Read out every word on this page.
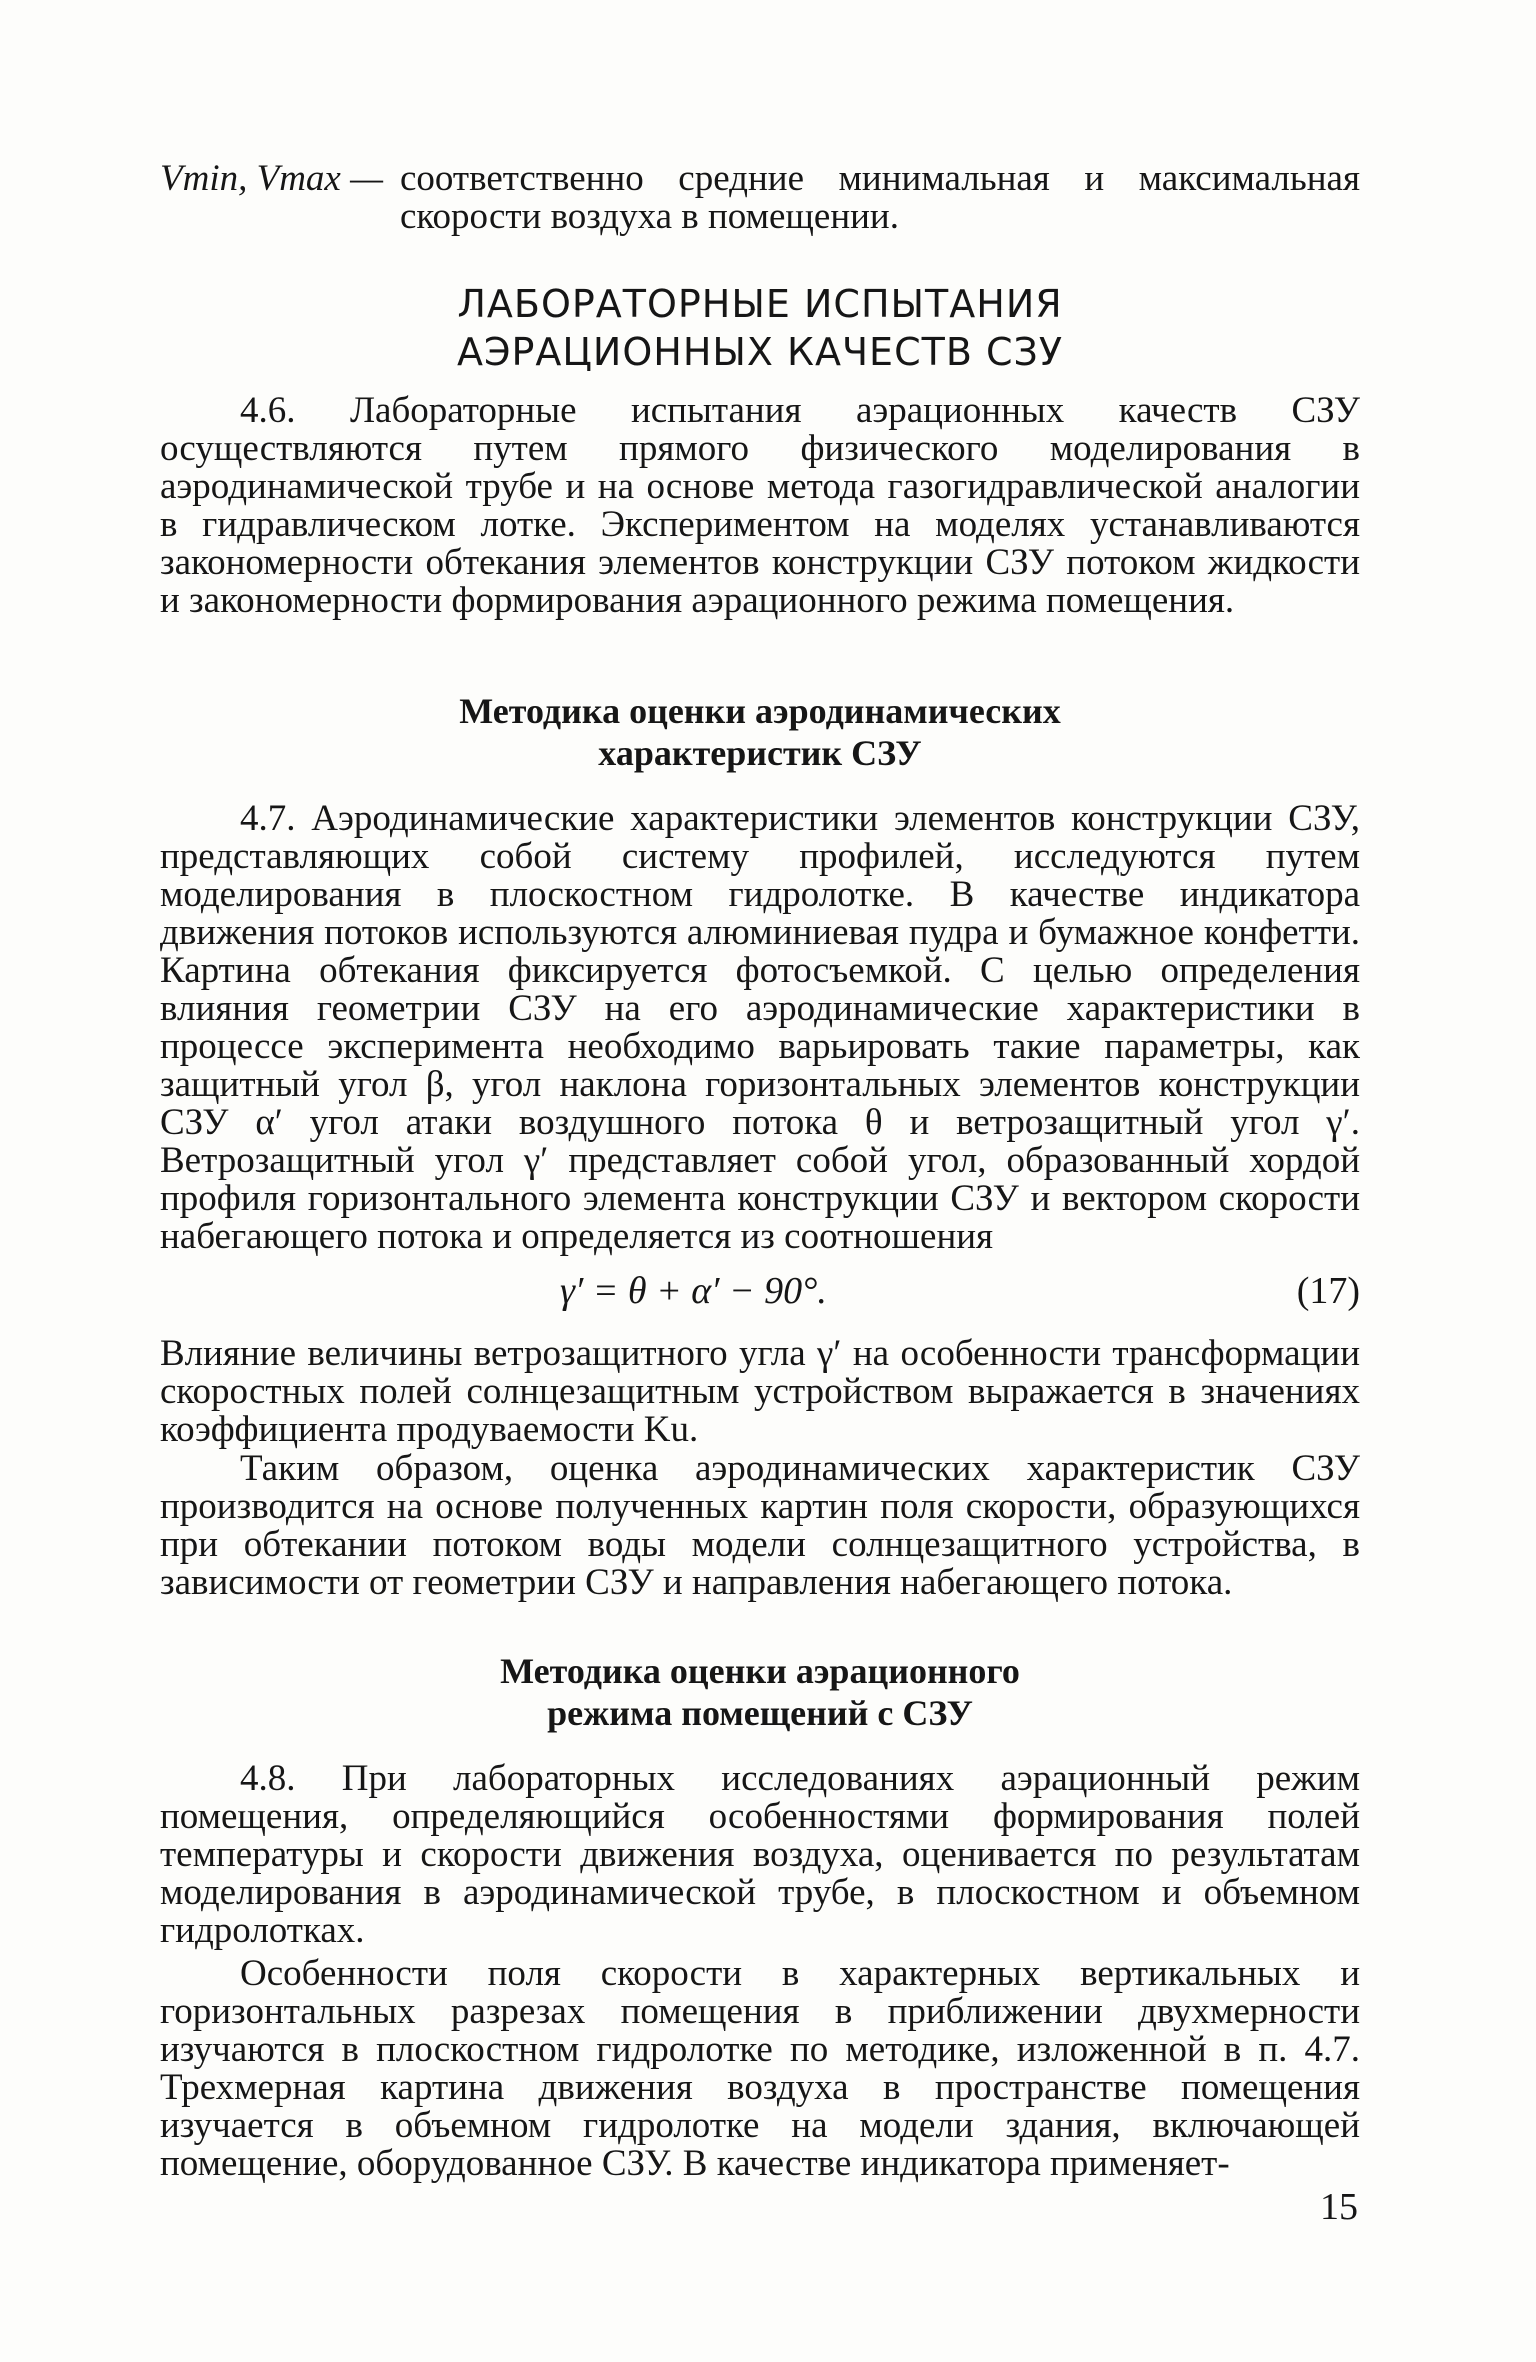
Vmin, Vmax — соответственно средние минимальная и максимальная скорости воздуха в помещении.
ЛАБОРАТОРНЫЕ ИСПЫТАНИЯ
АЭРАЦИОННЫХ КАЧЕСТВ СЗУ

4.6. Лабораторные испытания аэрационных качеств СЗУ осуществляются путем прямого физического моделирования в аэродинамической трубе и на основе метода газогидравлической аналогии в гидравлическом лотке. Экспериментом на моделях устанавливаются закономерности обтекания элементов конструкции СЗУ потоком жидкости и закономерности формирования аэрационного режима помещения.

Методика оценки аэродинамических
характеристик СЗУ

4.7. Аэродинамические характеристики элементов конструкции СЗУ, представляющих собой систему профилей, исследуются путем моделирования в плоскостном гидролотке. В качестве индикатора движения потоков используются алюминиевая пудра и бумажное конфетти. Картина обтекания фиксируется фотосъемкой. С целью определения влияния геометрии СЗУ на его аэродинамические характеристики в процессе эксперимента необходимо варьировать такие параметры, как защитный угол β, угол наклона горизонтальных элементов конструкции СЗУ α′ угол атаки воздушного потока θ и ветрозащитный угол γ′. Ветрозащитный угол γ′ представляет собой угол, образованный хордой профиля горизонтального элемента конструкции СЗУ и вектором скорости набегающего потока и определяется из соотношения

γ′ = θ + α′ − 90°.	(17)

Влияние величины ветрозащитного угла γ′ на особенности трансформации скоростных полей солнцезащитным устройством выражается в значениях коэффициента продуваемости Ku.

Таким образом, оценка аэродинамических характеристик СЗУ производится на основе полученных картин поля скорости, образующихся при обтекании потоком воды модели солнцезащитного устройства, в зависимости от геометрии СЗУ и направления набегающего потока.

Методика оценки аэрационного
режима помещений с СЗУ

4.8. При лабораторных исследованиях аэрационный режим помещения, определяющийся особенностями формирования полей температуры и скорости движения воздуха, оценивается по результатам моделирования в аэродинамической трубе, в плоскостном и объемном гидролотках.

Особенности поля скорости в характерных вертикальных и горизонтальных разрезах помещения в приближении двухмерности изучаются в плоскостном гидролотке по методике, изложенной в п. 4.7. Трехмерная картина движения воздуха в пространстве помещения изучается в объемном гидролотке на модели здания, включающей помещение, оборудованное СЗУ. В качестве индикатора применяет-

15
